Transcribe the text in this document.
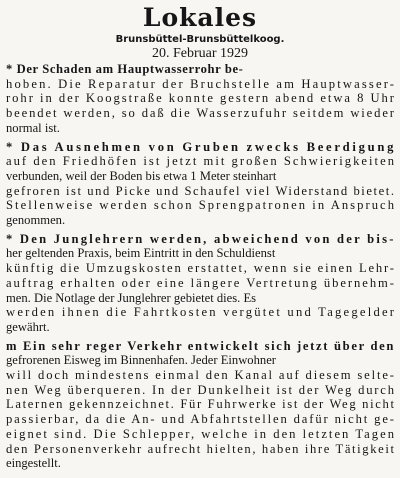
Lokales
Brunsbüttel-Brunsbüttelkoog.
20. Februar 1929
* Der Schaden am Hauptwasserrohr be-
hoben. Die Reparatur der Bruchstelle am Hauptwasser-
rohr in der Koogstraße konnte gestern abend etwa 8 Uhr
beendet werden, so daß die Wasserzufuhr seitdem wieder
normal ist.
* Das Ausnehmen von Gruben zwecks Beerdigung
auf den Friedhöfen ist jetzt mit großen Schwierigkeiten
verbunden, weil der Boden bis etwa 1 Meter steinhart
gefroren ist und Picke und Schaufel viel Widerstand bietet.
Stellenweise werden schon Sprengpatronen in Anspruch
genommen.
* Den Junglehrern werden, abweichend von der bis-
her geltenden Praxis, beim Eintritt in den Schuldienst
künftig die Umzugskosten erstattet, wenn sie einen Lehr-
auftrag erhalten oder eine längere Vertretung übernehm-
men. Die Notlage der Junglehrer gebietet dies. Es
werden ihnen die Fahrtkosten vergütet und Tagegelder
gewährt.
m Ein sehr reger Verkehr entwickelt sich jetzt über den
gefrorenen Eisweg im Binnenhafen. Jeder Einwohner
will doch mindestens einmal den Kanal auf diesem selte-
nen Weg überqueren. In der Dunkelheit ist der Weg durch
Laternen gekennzeichnet. Für Fuhrwerke ist der Weg nicht
passierbar, da die An- und Abfahrtstellen dafür nicht ge-
eignet sind. Die Schlepper, welche in den letzten Tagen
den Personenverkehr aufrecht hielten, haben ihre Tätigkeit
eingestellt.
